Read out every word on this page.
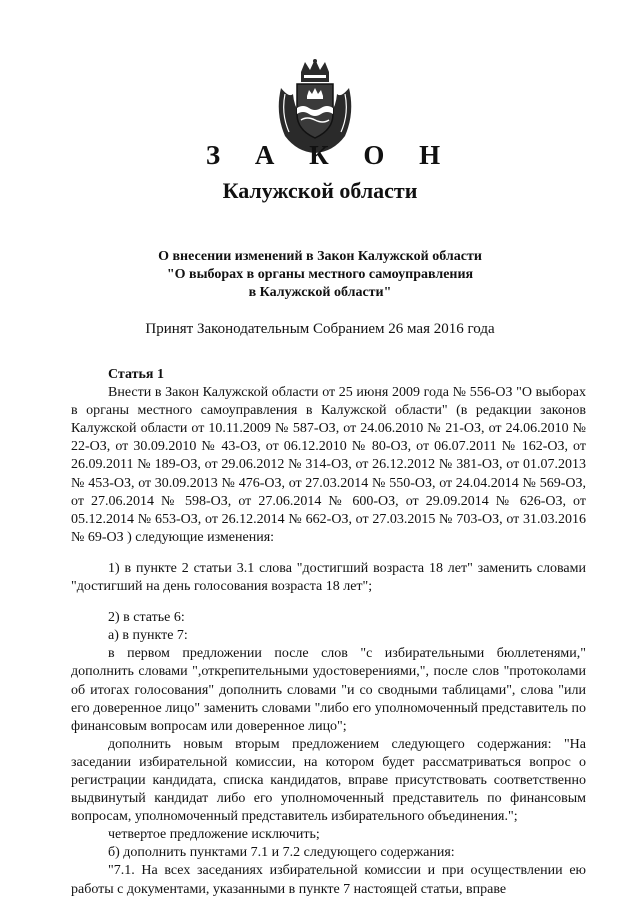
З А К О Н
Калужской области
О внесении изменений в Закон Калужской области
"О выборах в органы местного самоуправления
в Калужской области"
Принят Законодательным Собранием 26 мая 2016 года

Статья 1

Внести в Закон Калужской области от 25 июня 2009 года № 556-ОЗ "О выборах в органы местного самоуправления в Калужской области" (в редакции законов Калужской области от 10.11.2009 № 587-ОЗ, от 24.06.2010 № 21-ОЗ, от 24.06.2010 № 22-ОЗ, от 30.09.2010 № 43-ОЗ, от 06.12.2010 № 80-ОЗ, от 06.07.2011 № 162-ОЗ, от 26.09.2011 № 189-ОЗ, от 29.06.2012 № 314-ОЗ, от 26.12.2012 № 381-ОЗ, от 01.07.2013 № 453-ОЗ, от 30.09.2013 № 476-ОЗ, от 27.03.2014 № 550-ОЗ, от 24.04.2014 № 569-ОЗ, от 27.06.2014 № 598-ОЗ, от 27.06.2014 № 600-ОЗ, от 29.09.2014 № 626-ОЗ, от 05.12.2014 № 653-ОЗ, от 26.12.2014 № 662-ОЗ, от 27.03.2015 № 703-ОЗ, от 31.03.2016 № 69-ОЗ ) следующие изменения:

1) в пункте 2 статьи 3.1 слова "достигший возраста 18 лет" заменить словами "достигший на день голосования возраста 18 лет";

2) в статье 6:

а) в пункте 7:

в первом предложении после слов "с избирательными бюллетенями," дополнить словами ",открепительными удостоверениями,", после слов "протоколами об итогах голосования" дополнить словами "и со сводными таблицами", слова "или его доверенное лицо" заменить словами "либо его уполномоченный представитель по финансовым вопросам или доверенное лицо";

дополнить новым вторым предложением следующего содержания: "На заседании избирательной комиссии, на котором будет рассматриваться вопрос о регистрации кандидата, списка кандидатов, вправе присутствовать соответственно выдвинутый кандидат либо его уполномоченный представитель по финансовым вопросам, уполномоченный представитель избирательного объединения.";

четвертое предложение исключить;

б) дополнить пунктами 7.1 и 7.2 следующего содержания:

"7.1. На всех заседаниях избирательной комиссии и при осуществлении ею работы с документами, указанными в пункте 7 настоящей статьи, вправе
